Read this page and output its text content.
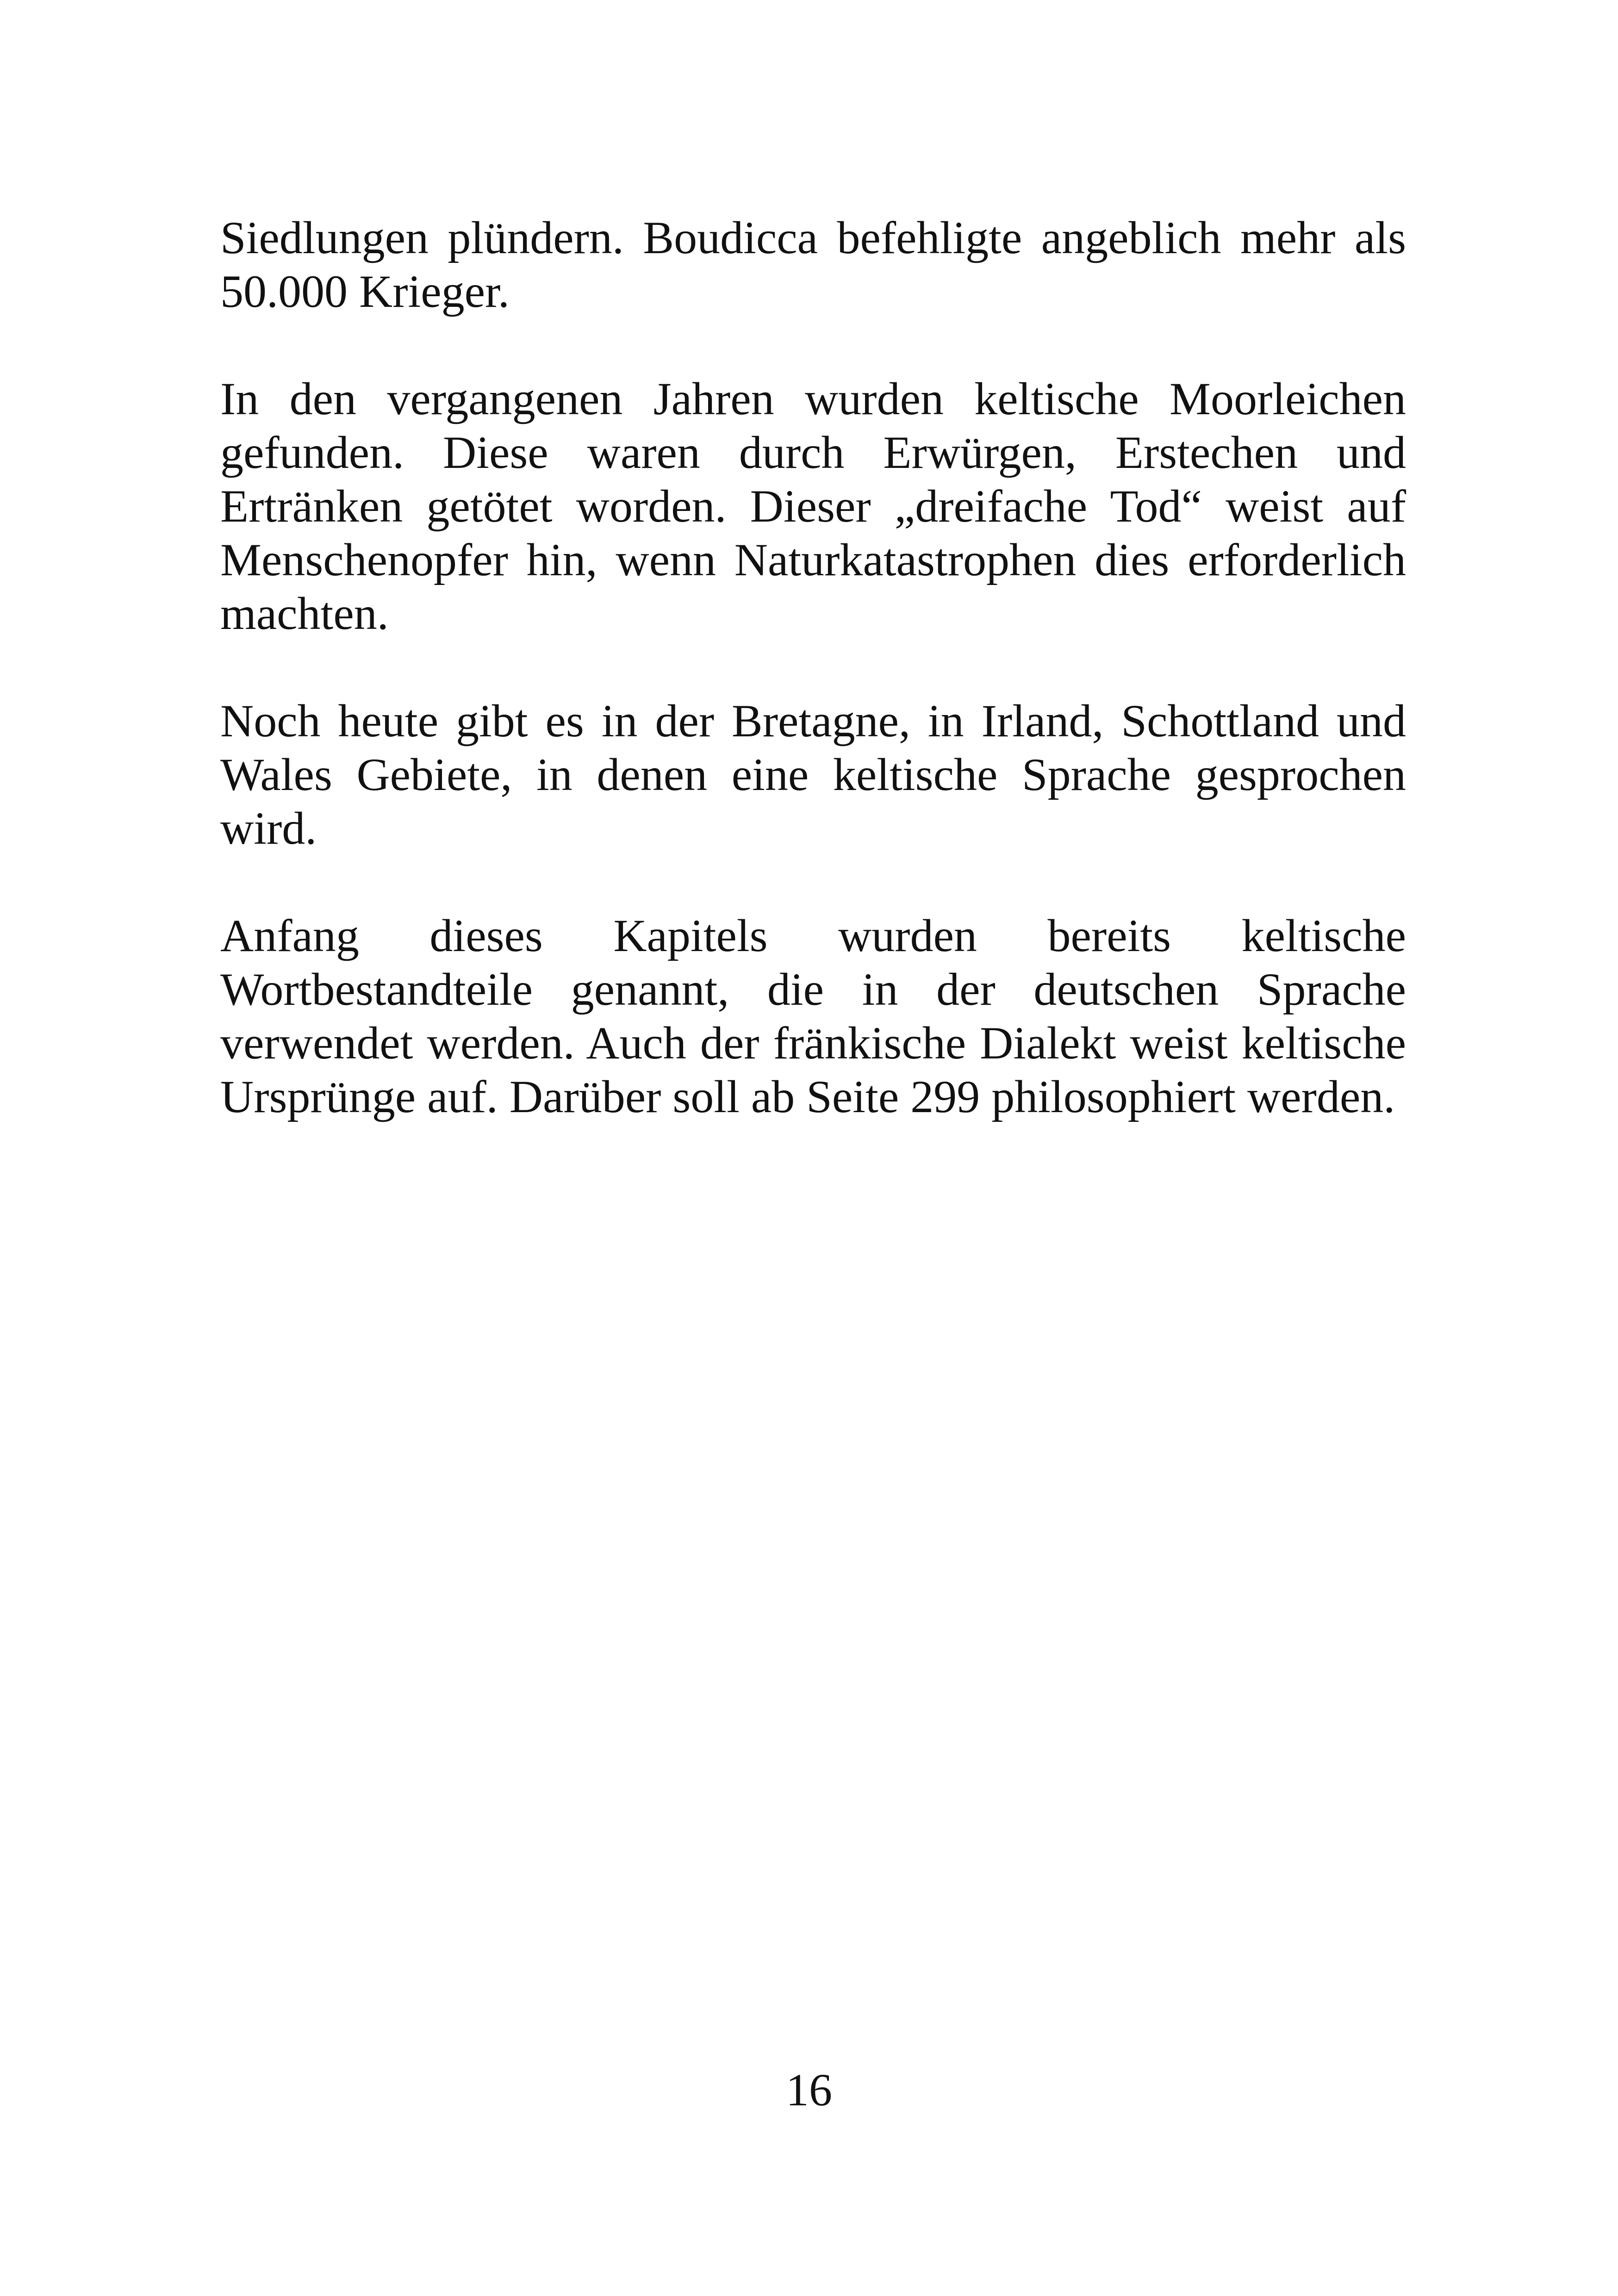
Siedlungen plündern. Boudicca befehligte angeblich mehr als
50.000 Krieger.

In den vergangenen Jahren wurden keltische Moorleichen
gefunden. Diese waren durch Erwürgen, Erstechen und
Ertränken getötet worden. Dieser „dreifache Tod“ weist auf
Menschenopfer hin, wenn Naturkatastrophen dies erforderlich
machten.

Noch heute gibt es in der Bretagne, in Irland, Schottland und
Wales Gebiete, in denen eine keltische Sprache gesprochen
wird.

Anfang dieses Kapitels wurden bereits keltische
Wortbestandteile genannt, die in der deutschen Sprache
verwendet werden. Auch der fränkische Dialekt weist keltische
Ursprünge auf. Darüber soll ab Seite 299 philosophiert werden.

16
